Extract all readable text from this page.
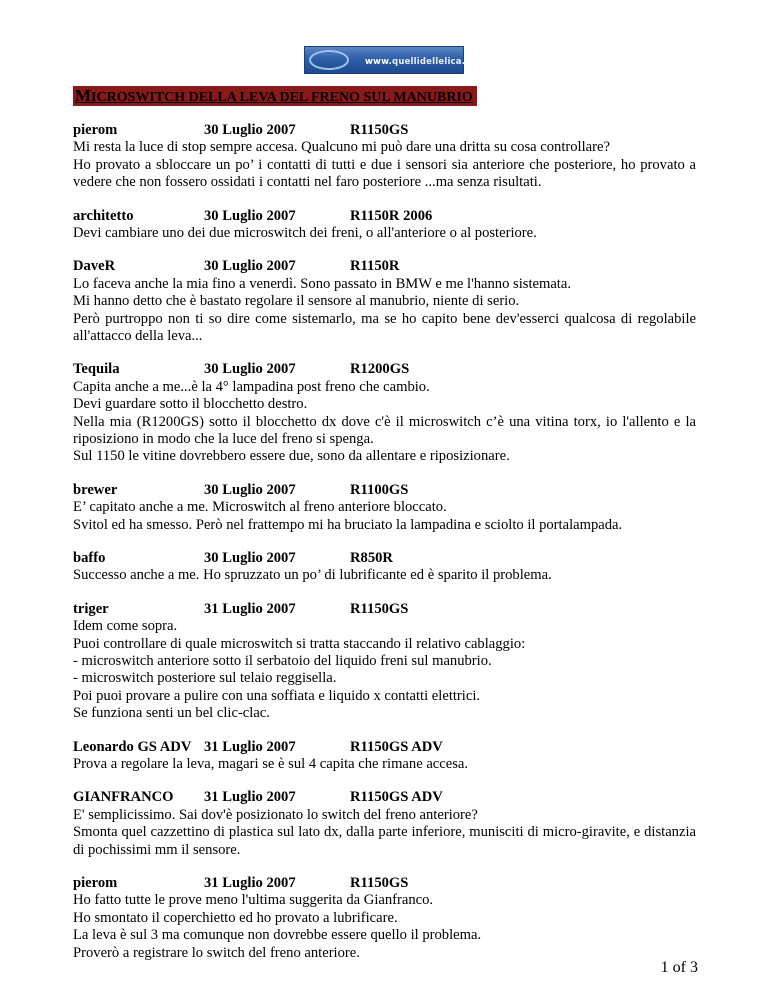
www.quellidellelica.com
MICROSWITCH DELLA LEVA DEL FRENO SUL MANUBRIO
pierom	30 Luglio 2007	R1150GS
Mi resta la luce di stop sempre accesa. Qualcuno mi può dare una dritta su cosa controllare?
Ho provato a sbloccare un po’ i contatti di tutti e due i sensori sia anteriore che posteriore, ho provato a vedere che non fossero ossidati i contatti nel faro posteriore ...ma senza risultati.
architetto	30 Luglio 2007	R1150R 2006
Devi cambiare uno dei due microswitch dei freni, o all'anteriore o al posteriore.
DaveR	30 Luglio 2007	R1150R
Lo faceva anche la mia fino a venerdì. Sono passato in BMW e me l'hanno sistemata.
Mi hanno detto che è bastato regolare il sensore al manubrio, niente di serio.
Però purtroppo non ti so dire come sistemarlo, ma se ho capito bene dev'esserci qualcosa di regolabile all'attacco della leva...
Tequila	30 Luglio 2007	R1200GS
Capita anche a me...è la 4° lampadina post freno che cambio.
Devi guardare sotto il blocchetto destro.
Nella mia (R1200GS) sotto il blocchetto dx dove c'è il microswitch c’è una vitina torx, io l'allento e la riposiziono in modo che la luce del freno si spenga.
Sul 1150 le vitine dovrebbero essere due, sono da allentare e riposizionare.
brewer	30 Luglio 2007	R1100GS
E’ capitato anche a me. Microswitch al freno anteriore bloccato.
Svitol ed ha smesso. Però nel frattempo mi ha bruciato la lampadina e sciolto il portalampada.
baffo	30 Luglio 2007	R850R
Successo anche a me. Ho spruzzato un po’ di lubrificante ed è sparito il problema.
triger	31 Luglio 2007	R1150GS
Idem come sopra.
Puoi controllare di quale microswitch si tratta staccando il relativo cablaggio:
- microswitch anteriore sotto il serbatoio del liquido freni sul manubrio.
- microswitch posteriore sul telaio reggisella.
Poi puoi provare a pulire con una soffiata e liquido x contatti elettrici.
Se funziona senti un bel clic-clac.
Leonardo GS ADV 31 Luglio 2007	R1150GS ADV
Prova a regolare la leva, magari se è sul 4 capita che rimane accesa.
GIANFRANCO 31 Luglio 2007	R1150GS ADV
E' semplicissimo. Sai dov'è posizionato lo switch del freno anteriore?
Smonta quel cazzettino di plastica sul lato dx, dalla parte inferiore, munisciti di micro-giravite, e distanzia di pochissimi mm il sensore.
pierom	31 Luglio 2007	R1150GS
Ho fatto tutte le prove meno l'ultima suggerita da Gianfranco.
Ho smontato il coperchietto ed ho provato a lubrificare.
La leva è sul 3 ma comunque non dovrebbe essere quello il problema.
Proverò a registrare lo switch del freno anteriore.
1 of 3
